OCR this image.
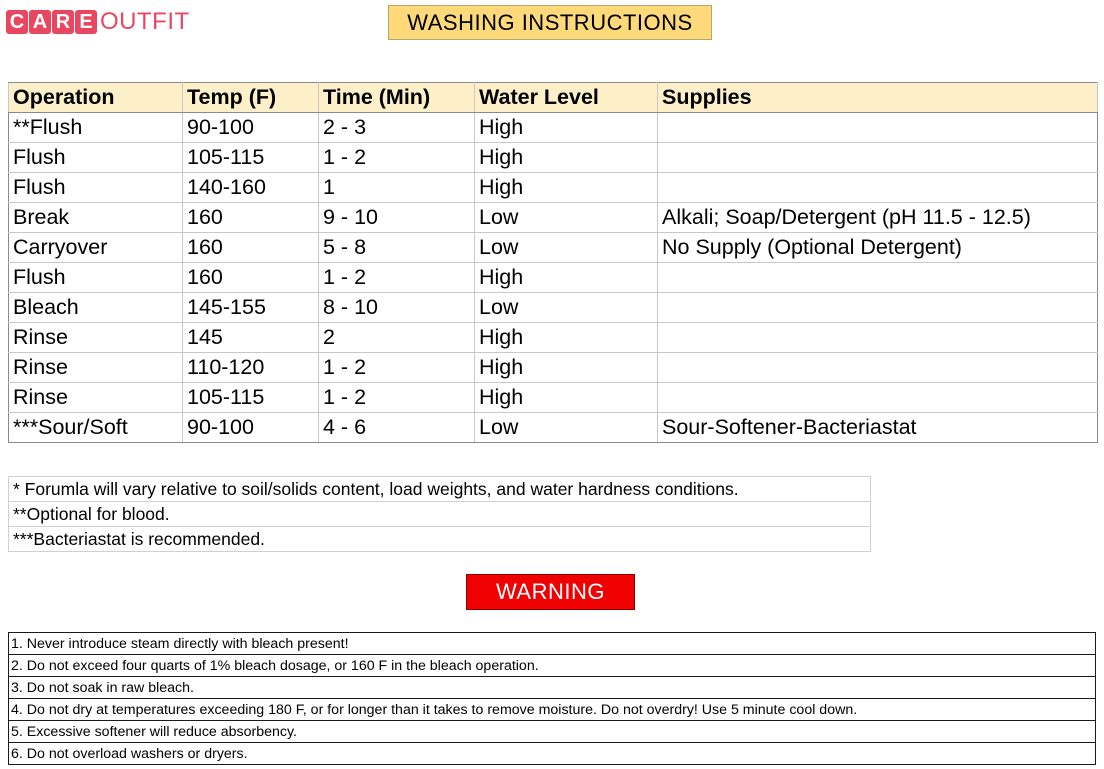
C A R E OUTFIT	WASHING INSTRUCTIONS
Operation	Temp (F)	Time (Min)	Water Level	Supplies
**Flush	90-100	2 - 3	High	
Flush	105-115	1 - 2	High	
Flush	140-160	1	High	
Break	160	9 - 10	Low	Alkali; Soap/Detergent (pH 11.5 - 12.5)
Carryover	160	5 - 8	Low	No Supply (Optional Detergent)
Flush	160	1 - 2	High	
Bleach	145-155	8 - 10	Low	
Rinse	145	2	High	
Rinse	110-120	1 - 2	High	
Rinse	105-115	1 - 2	High	
***Sour/Soft	90-100	4 - 6	Low	Sour-Softener-Bacteriastat
* Forumla will vary relative to soil/solids content, load weights, and water hardness conditions.
**Optional for blood.
***Bacteriastat is recommended.
WARNING
1. Never introduce steam directly with bleach present!
2. Do not exceed four quarts of 1% bleach dosage, or 160 F in the bleach operation.
3. Do not soak in raw bleach.
4. Do not dry at temperatures exceeding 180 F, or for longer than it takes to remove moisture. Do not overdry! Use 5 minute cool down.
5. Excessive softener will reduce absorbency.
6. Do not overload washers or dryers.
